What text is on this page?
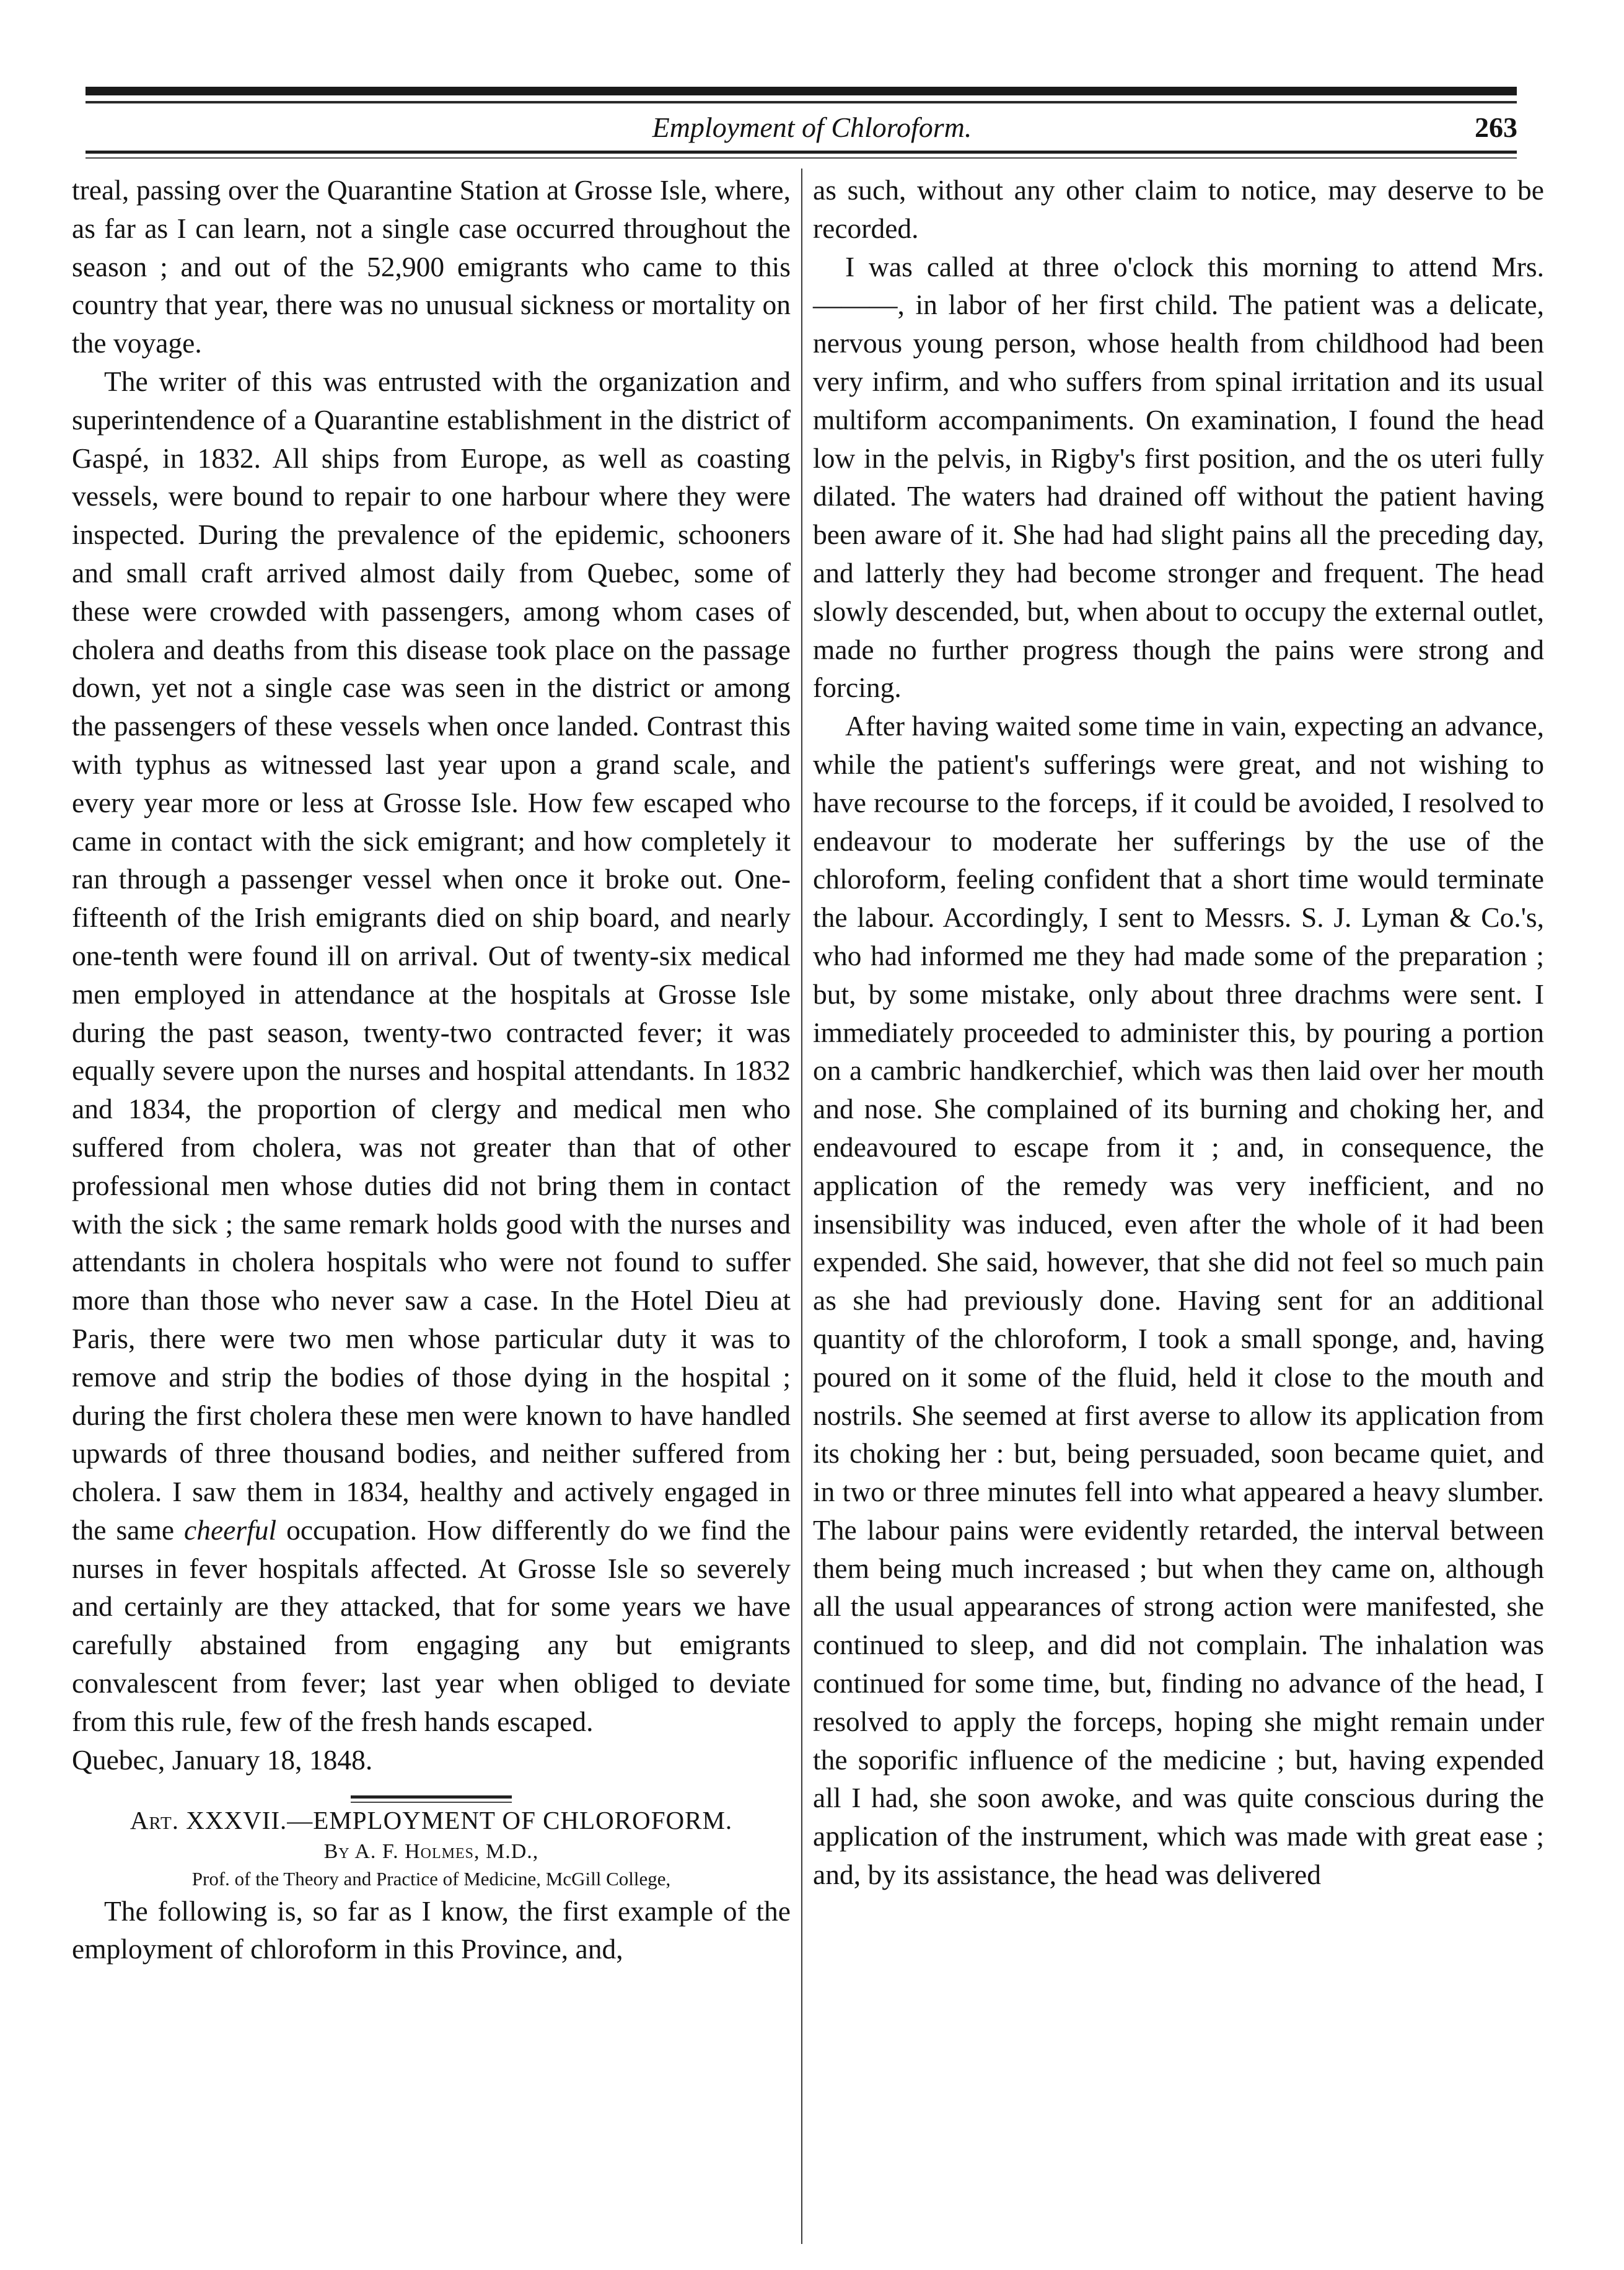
Employment of Chloroform.	263

treal, passing over the Quarantine Station at Grosse Isle, where, as far as I can learn, not a single case occurred throughout the season ; and out of the 52,900 emigrants who came to this country that year, there was no unusual sickness or mortality on the voyage.

The writer of this was entrusted with the organization and superintendence of a Quarantine establishment in the district of Gaspé, in 1832. All ships from Europe, as well as coasting vessels, were bound to repair to one harbour where they were inspected. During the prevalence of the epidemic, schooners and small craft arrived almost daily from Quebec, some of these were crowded with passengers, among whom cases of cholera and deaths from this disease took place on the passage down, yet not a single case was seen in the district or among the passengers of these vessels when once landed. Contrast this with typhus as witnessed last year upon a grand scale, and every year more or less at Grosse Isle. How few escaped who came in contact with the sick emigrant; and how completely it ran through a passenger vessel when once it broke out. One-fifteenth of the Irish emigrants died on ship board, and nearly one-tenth were found ill on arrival. Out of twenty-six medical men employed in attendance at the hospitals at Grosse Isle during the past season, twenty-two contracted fever; it was equally severe upon the nurses and hospital attendants. In 1832 and 1834, the proportion of clergy and medical men who suffered from cholera, was not greater than that of other professional men whose duties did not bring them in contact with the sick ; the same remark holds good with the nurses and attendants in cholera hospitals who were not found to suffer more than those who never saw a case. In the Hotel Dieu at Paris, there were two men whose particular duty it was to remove and strip the bodies of those dying in the hospital ; during the first cholera these men were known to have handled upwards of three thousand bodies, and neither suffered from cholera. I saw them in 1834, healthy and actively engaged in the same cheerful occupation. How differently do we find the nurses in fever hospitals affected. At Grosse Isle so severely and certainly are they attacked, that for some years we have carefully abstained from engaging any but emigrants convalescent from fever; last year when obliged to deviate from this rule, few of the fresh hands escaped.

Quebec, January 18, 1848.

Art. XXXVII.—EMPLOYMENT OF CHLOROFORM.

By A. F. Holmes, M.D.,

Prof. of the Theory and Practice of Medicine, McGill College,

The following is, so far as I know, the first example of the employment of chloroform in this Province, and,

as such, without any other claim to notice, may deserve to be recorded.

I was called at three o'clock this morning to attend Mrs. ———, in labor of her first child. The patient was a delicate, nervous young person, whose health from childhood had been very infirm, and who suffers from spinal irritation and its usual multiform accompaniments. On examination, I found the head low in the pelvis, in Rigby's first position, and the os uteri fully dilated. The waters had drained off without the patient having been aware of it. She had had slight pains all the preceding day, and latterly they had become stronger and frequent. The head slowly descended, but, when about to occupy the external outlet, made no further progress though the pains were strong and forcing.

After having waited some time in vain, expecting an advance, while the patient's sufferings were great, and not wishing to have recourse to the forceps, if it could be avoided, I resolved to endeavour to moderate her sufferings by the use of the chloroform, feeling confident that a short time would terminate the labour. Accordingly, I sent to Messrs. S. J. Lyman & Co.'s, who had informed me they had made some of the preparation ; but, by some mistake, only about three drachms were sent. I immediately proceeded to administer this, by pouring a portion on a cambric handkerchief, which was then laid over her mouth and nose. She complained of its burning and choking her, and endeavoured to escape from it ; and, in consequence, the application of the remedy was very inefficient, and no insensibility was induced, even after the whole of it had been expended. She said, however, that she did not feel so much pain as she had previously done. Having sent for an additional quantity of the chloroform, I took a small sponge, and, having poured on it some of the fluid, held it close to the mouth and nostrils. She seemed at first averse to allow its application from its choking her : but, being persuaded, soon became quiet, and in two or three minutes fell into what appeared a heavy slumber. The labour pains were evidently retarded, the interval between them being much increased ; but when they came on, although all the usual appearances of strong action were manifested, she continued to sleep, and did not complain. The inhalation was continued for some time, but, finding no advance of the head, I resolved to apply the forceps, hoping she might remain under the soporific influence of the medicine ; but, having expended all I had, she soon awoke, and was quite conscious during the application of the instrument, which was made with great ease ; and, by its assistance, the head was delivered
